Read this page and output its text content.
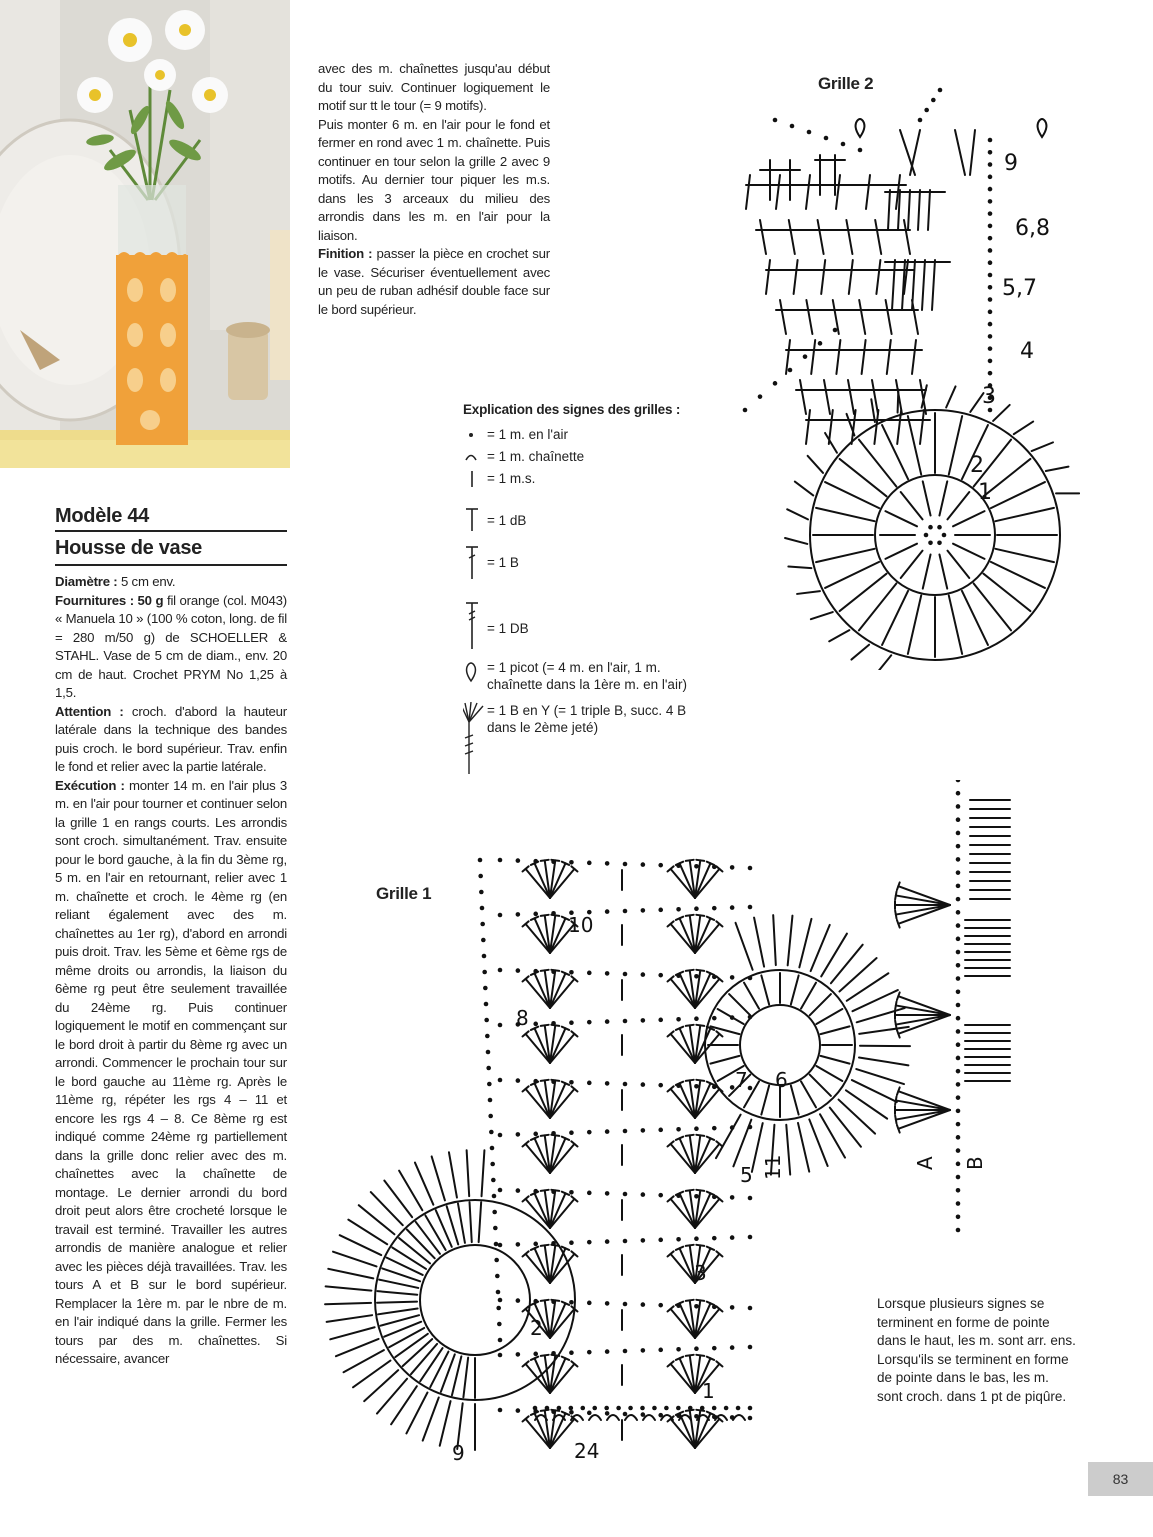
avec des m. chaînettes jusqu'au début du tour suiv. Continuer logiquement le motif sur tt le tour (= 9 motifs).

Puis monter 6 m. en l'air pour le fond et fermer en rond avec 1 m. chaînette. Puis continuer en tour selon la grille 2 avec 9 motifs. Au dernier tour piquer les m.s. dans les 3 arceaux du milieu des arrondis dans les m. en l'air pour la liaison.

Finition : passer la pièce en crochet sur le vase. Sécuriser éventuellement avec un peu de ruban adhésif double face sur le bord supérieur.

Modèle 44
Housse de vase

Diamètre : 5 cm env.

Fournitures : 50 g fil orange (col. M043) « Manuela 10 » (100 % coton, long. de fil = 280 m/50 g) de SCHOELLER & STAHL. Vase de 5 cm de diam., env. 20 cm de haut. Crochet PRYM No 1,25 à 1,5.

Attention : croch. d'abord la hauteur latérale dans la technique des bandes puis croch. le bord supérieur. Trav. enfin le fond et relier avec la partie latérale.

Exécution : monter 14 m. en l'air plus 3 m. en l'air pour tourner et continuer selon la grille 1 en rangs courts. Les arrondis sont croch. simultanément. Trav. ensuite pour le bord gauche, à la fin du 3ème rg, 5 m. en l'air en retournant, relier avec 1 m. chaînette et croch. le 4ème rg (en reliant également avec des m. chaînettes au 1er rg), d'abord en arrondi puis droit. Trav. les 5ème et 6ème rgs de même droits ou arrondis, la liaison du 6ème rg peut être seulement travaillée du 24ème rg. Puis continuer logiquement le motif en commençant sur le bord droit à partir du 8ème rg avec un arrondi. Commencer le prochain tour sur le bord gauche au 11ème rg. Après le 11ème rg, répéter les rgs 4 – 11 et encore les rgs 4 – 8. Ce 8ème rg est indiqué comme 24ème rg partiellement dans la grille donc relier avec des m. chaînettes avec la chaînette de montage. Le dernier arrondi du bord droit peut alors être crocheté lorsque le travail est terminé. Travailler les autres arrondis de manière analogue et relier avec les pièces déjà travaillées. Trav. les tours A et B sur le bord supérieur. Remplacer la 1ère m. par le nbre de m. en l'air indiqué dans la grille. Fermer les tours par des m. chaînettes. Si nécessaire, avancer

Explication des signes des grilles :
= 1 m. en l'air
= 1 m. chaînette
= 1 m.s.
= 1 dB
= 1 B
= 1 DB
= 1 picot (= 4 m. en l'air, 1 m. chaînette dans la 1ère m. en l'air)
= 1 B en Y (= 1 triple B, succ. 4 B dans le 2ème jeté)
Grille 2
1
2
3
4
5,7
6,8
9
Grille 1
1
2
3
5
6
7
8
9
10
11
24
A B
Lorsque plusieurs signes se terminent en forme de pointe dans le haut, les m. sont arr. ens. Lorsqu'ils se terminent en forme de pointe dans le bas, les m. sont croch. dans 1 pt de piqûre.
83
